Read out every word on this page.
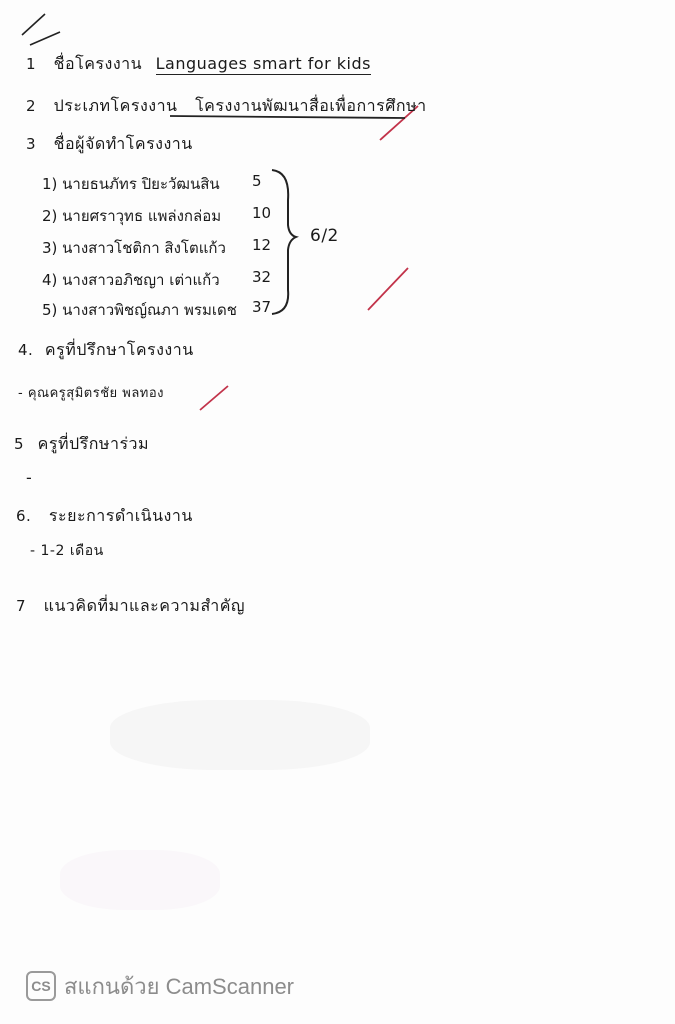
1 ชื่อโครงงาน Languages smart for kids
2 ประเภทโครงงาน โครงงานพัฒนาสื่อเพื่อการศึกษา
3 ชื่อผู้จัดทำโครงงาน
1) นายธนภัทร ปิยะวัฒนสิน 5
2) นายศราวุทธ แพล่งกล่อม 10
3) นางสาวโชติกา สิงโตแก้ว 12
4) นางสาวอภิชญา เต่าแก้ว 32
5) นางสาวพิชญ์ณภา พรมเดช 37
6/2
4. ครูที่ปรึกษาโครงงาน
- คุณครูสุมิตรชัย พลทอง
5 ครูที่ปรึกษาร่วม
-
6. ระยะการดำเนินงาน
- 1-2 เดือน
7 แนวคิดที่มาและความสำคัญ
CS สแกนด้วย CamScanner
